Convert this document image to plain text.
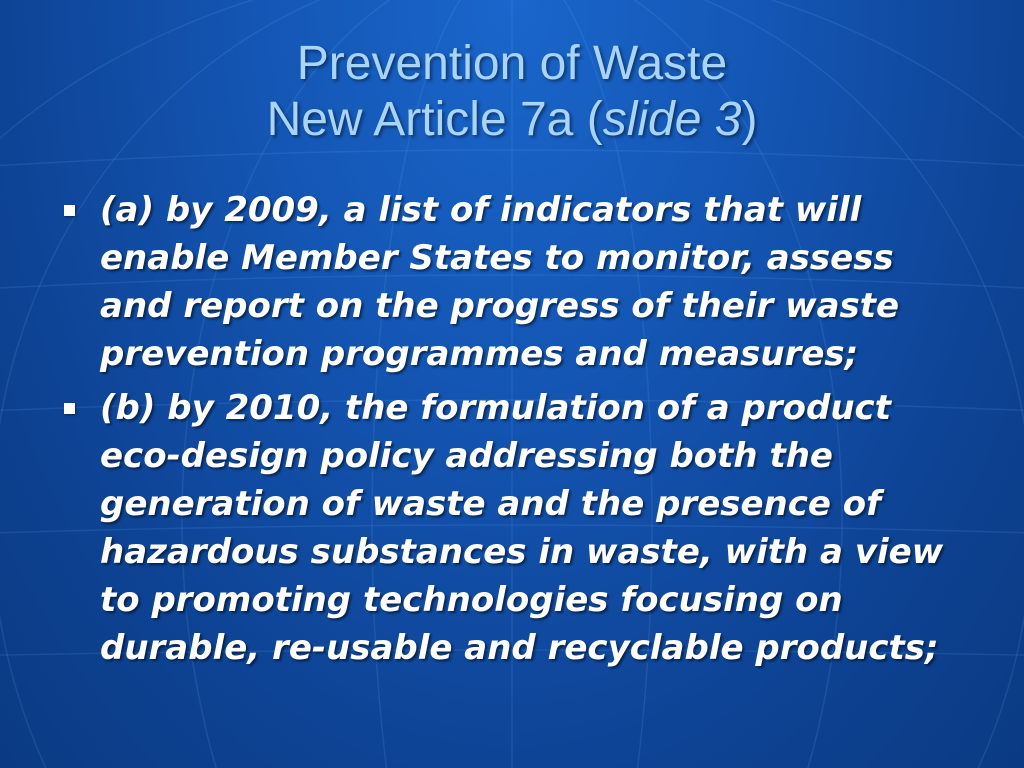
Prevention of Waste
New Article 7a (slide 3)
(a) by 2009, a list of indicators that will enable Member States to monitor, assess and report on the progress of their waste prevention programmes and measures;
(b) by 2010, the formulation of a product eco-design policy addressing both the generation of waste and the presence of hazardous substances in waste, with a view to promoting technologies focusing on durable, re-usable and recyclable products;
